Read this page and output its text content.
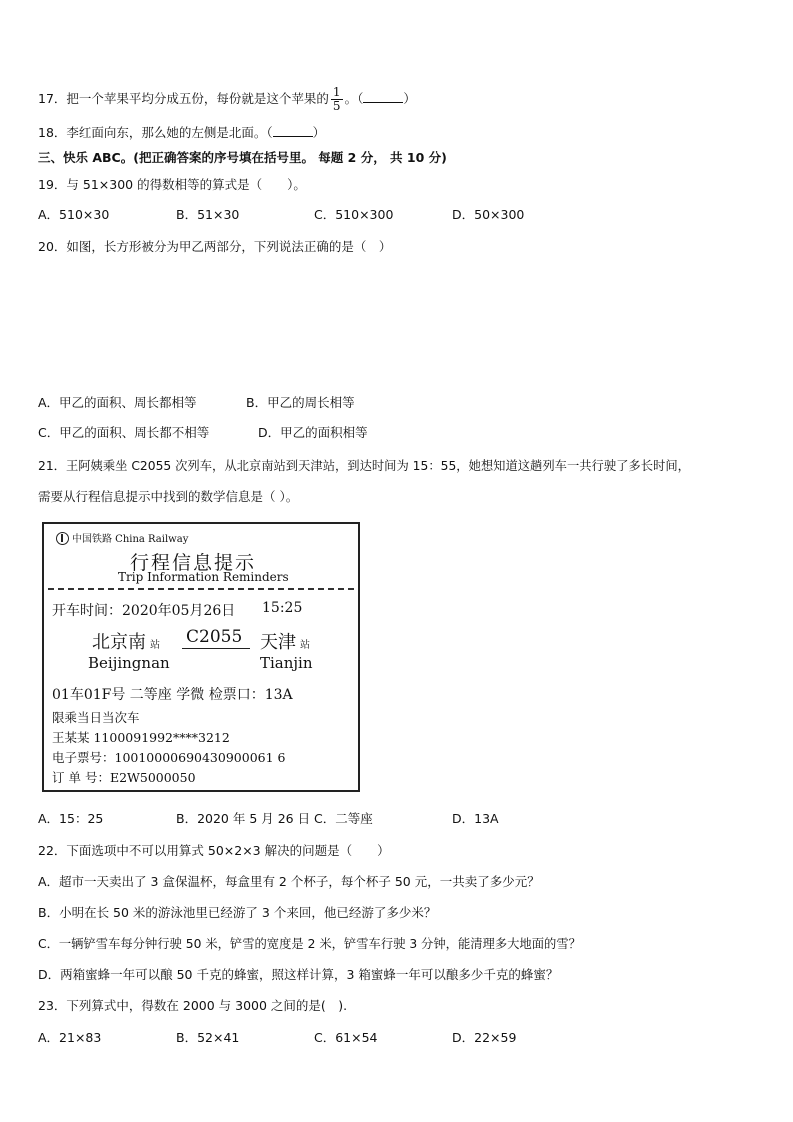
17．把一个苹果平均分成五份，每份就是这个苹果的 $\frac{1}{5}$ 。（	）
18．李红面向东，那么她的左侧是北面。（	）
三、快乐 ABC。(把正确答案的序号填在括号里。 每题 2 分， 共 10 分)
19．与 51×300 的得数相等的算式是（　　）。
A．510×30	B．51×30	C．510×300	D．50×300
20．如图，长方形被分为甲乙两部分，下列说法正确的是（　）
A．甲乙的面积、周长都相等	B．甲乙的周长相等
C．甲乙的面积、周长都不相等	D．甲乙的面积相等
21．王阿姨乘坐 C2055 次列车，从北京南站到天津站，到达时间为 15：55，她想知道这趟列车一共行驶了多长时间，
需要从行程信息提示中找到的数学信息是（ ）。
中国铁路 China Railway
行程信息提示
Trip Information Reminders
开车时间：2020年05月26日 15:25
北京南 站 C2055 天津 站
Beijingnan	Tianjin
01车01F号 二等座 学微 检票口：13A
限乘当日当次车
王某某 1100091992****3212
电子票号：10010000690430900061 6
订 单 号：E2W5000050
A．15：25	B．2020 年 5 月 26 日 C．二等座	D．13A
22．下面选项中不可以用算式 50×2×3 解决的问题是（　　）
A．超市一天卖出了 3 盒保温杯，每盒里有 2 个杯子，每个杯子 50 元，一共卖了多少元？
B．小明在长 50 米的游泳池里已经游了 3 个来回，他已经游了多少米？
C．一辆铲雪车每分钟行驶 50 米，铲雪的宽度是 2 米，铲雪车行驶 3 分钟，能清理多大地面的雪？
D．两箱蜜蜂一年可以酿 50 千克的蜂蜜，照这样计算，3 箱蜜蜂一年可以酿多少千克的蜂蜜？
23．下列算式中，得数在 2000 与 3000 之间的是(　).
A．21×83	B．52×41	C．61×54	D．22×59
